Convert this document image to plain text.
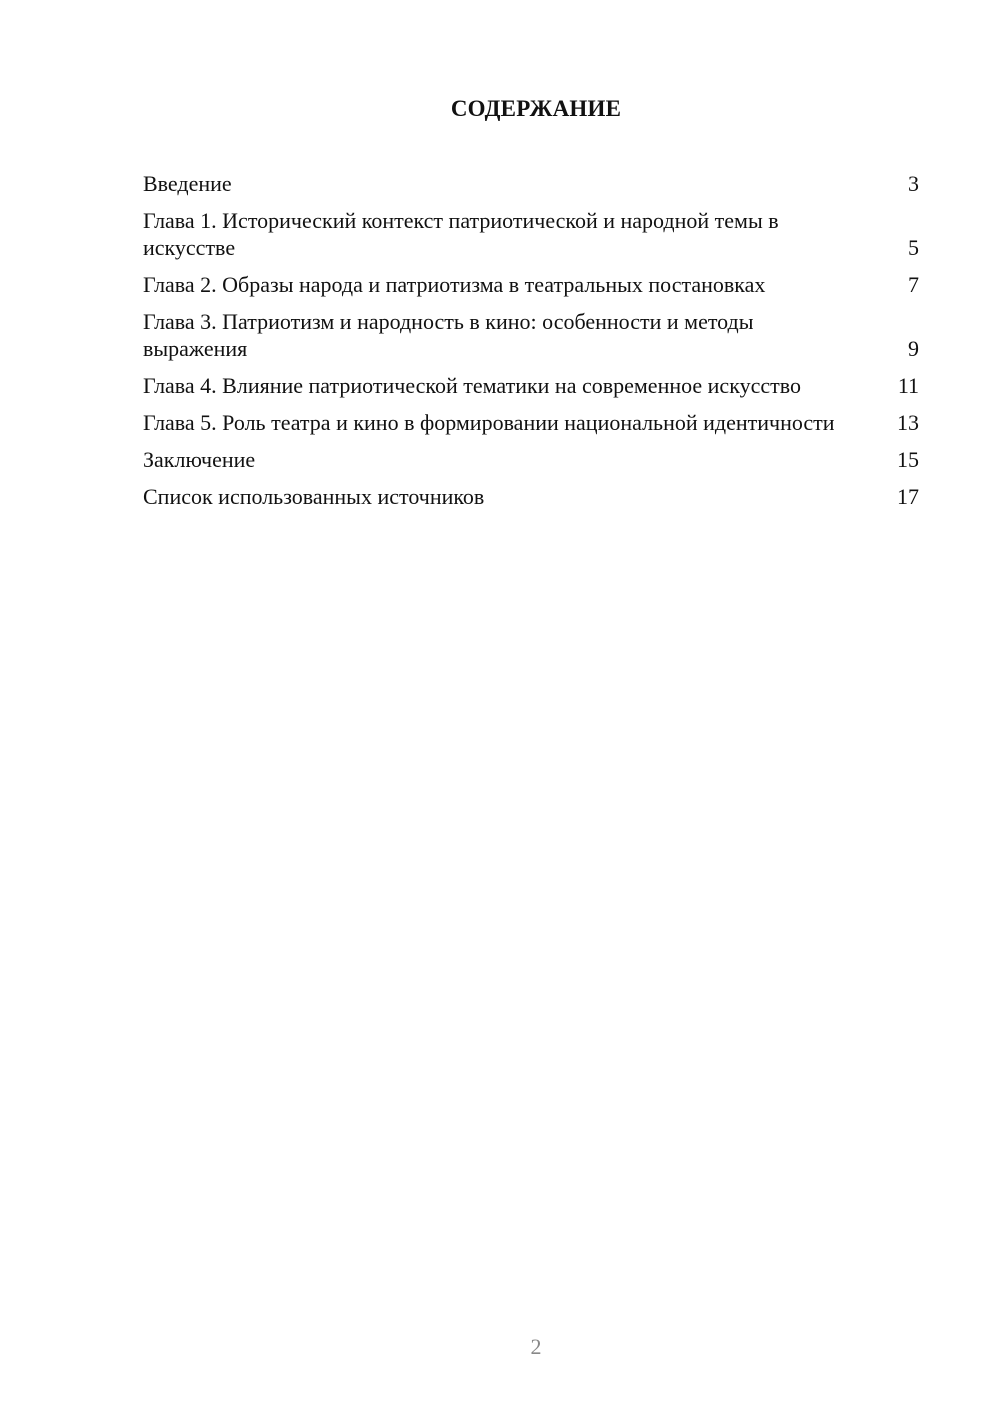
СОДЕРЖАНИЕ
Введение	3
Глава 1. Исторический контекст патриотической и народной темы в искусстве	5
Глава 2. Образы народа и патриотизма в театральных постановках	7
Глава 3. Патриотизм и народность в кино: особенности и методы выражения	9
Глава 4. Влияние патриотической тематики на современное искусство	11
Глава 5. Роль театра и кино в формировании национальной идентичности	13
Заключение	15
Список использованных источников	17
2
